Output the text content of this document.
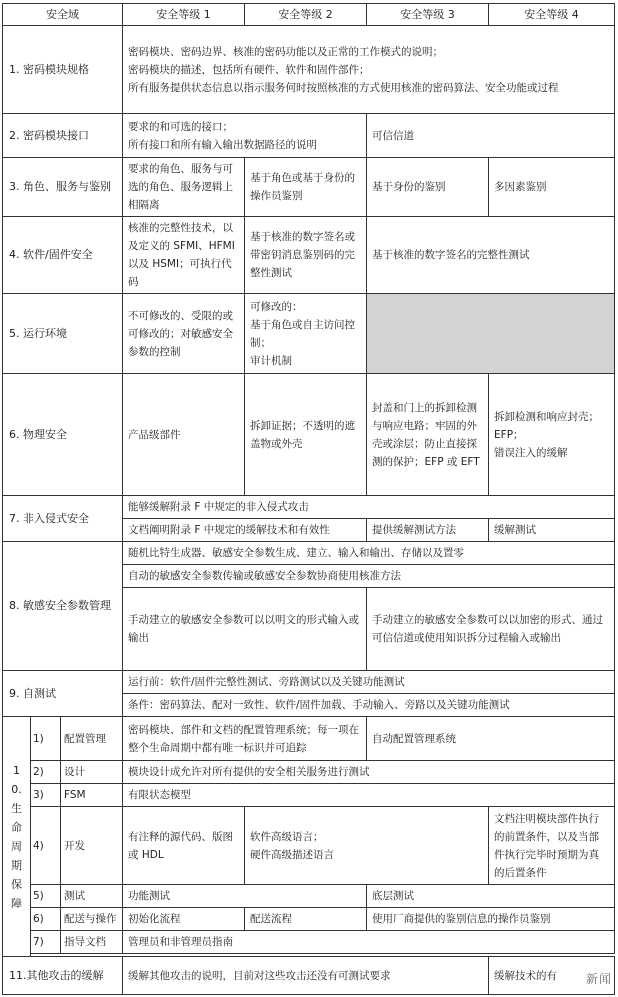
安全域			安全等级 1	安全等级 2	安全等级 3	安全等级 4
1. 密码模块规格			密码模块、密码边界、核准的密码功能以及正常的工作模式的说明；
密码模块的描述，包括所有硬件、软件和固件部件；
所有服务提供状态信息以指示服务何时按照核准的方式使用核准的密码算法、安全功能或过程			

2. 密码模块接口			要求的和可选的接口；
所有接口和所有输入输出数据路径的说明		可信信道	
3. 角色、服务与鉴别			要求的角色、服务与可选的角色、服务逻辑上相隔离	基于角色或基于身份的操作员鉴别	基于身份的鉴别	多因素鉴别
4. 软件/固件安全			核准的完整性技术，以及定义的 SFMI、HFMI 以及 HSMI；可执行代码	基于核准的数字签名或带密钥消息鉴别码的完整性测试	基于核准的数字签名的完整性测试	
5. 运行环境			不可修改的、受限的或可修改的；对敏感安全参数的控制	可修改的：
基于角色或自主访问控制；
审计机制		

6. 物理安全			产品级部件	拆卸证据；不透明的遮盖物或外壳	封盖和门上的拆卸检测与响应电路；牢固的外壳或涂层；防止直接探测的保护；EFP 或 EFT	拆卸检测和响应封壳；
EFP；
错误注入的缓解

7. 非入侵式安全			能够缓解附录 F 中规定的非入侵式攻击			
			文档阐明附录 F 中规定的缓解技术和有效性		提供缓解测试方法	缓解测试
8. 敏感安全参数管理			随机比特生成器、敏感安全参数生成、建立、输入和输出、存储以及置零			
			自动的敏感安全参数传输或敏感安全参数协商使用核准方法			
			手动建立的敏感安全参数可以以明文的形式输入或输出		手动建立的敏感安全参数可以以加密的形式、通过可信信道或使用知识拆分过程输入或输出	
9. 自测试			运行前：软件/固件完整性测试、旁路测试以及关键功能测试			
			条件：密码算法、配对一致性、软件/固件加载、手动输入、旁路以及关键功能测试			

10.生命周期保障	1)	配置管理	密码模块、部件和文档的配置管理系统；每一项在整个生命周期中都有唯一标识并可追踪		自动配置管理系统	
	2)	设计	模块设计成允许对所有提供的安全相关服务进行测试			
	3)	FSM	有限状态模型			
	4)	开发	有注释的源代码、版图或 HDL	软件高级语言；
硬件高级描述语言		文档注明模块部件执行的前置条件，以及当部件执行完毕时预期为真的后置条件
	5)	测试	功能测试		底层测试	
	6)	配送与操作	初始化流程	配送流程	使用厂商提供的鉴别信息的操作员鉴别	
	7)	指导文档	管理员和非管理员指南			

11.其他攻击的缓解			缓解其他攻击的说明，目前对这些攻击还没有可测试要求			缓解技术的有 新闻
